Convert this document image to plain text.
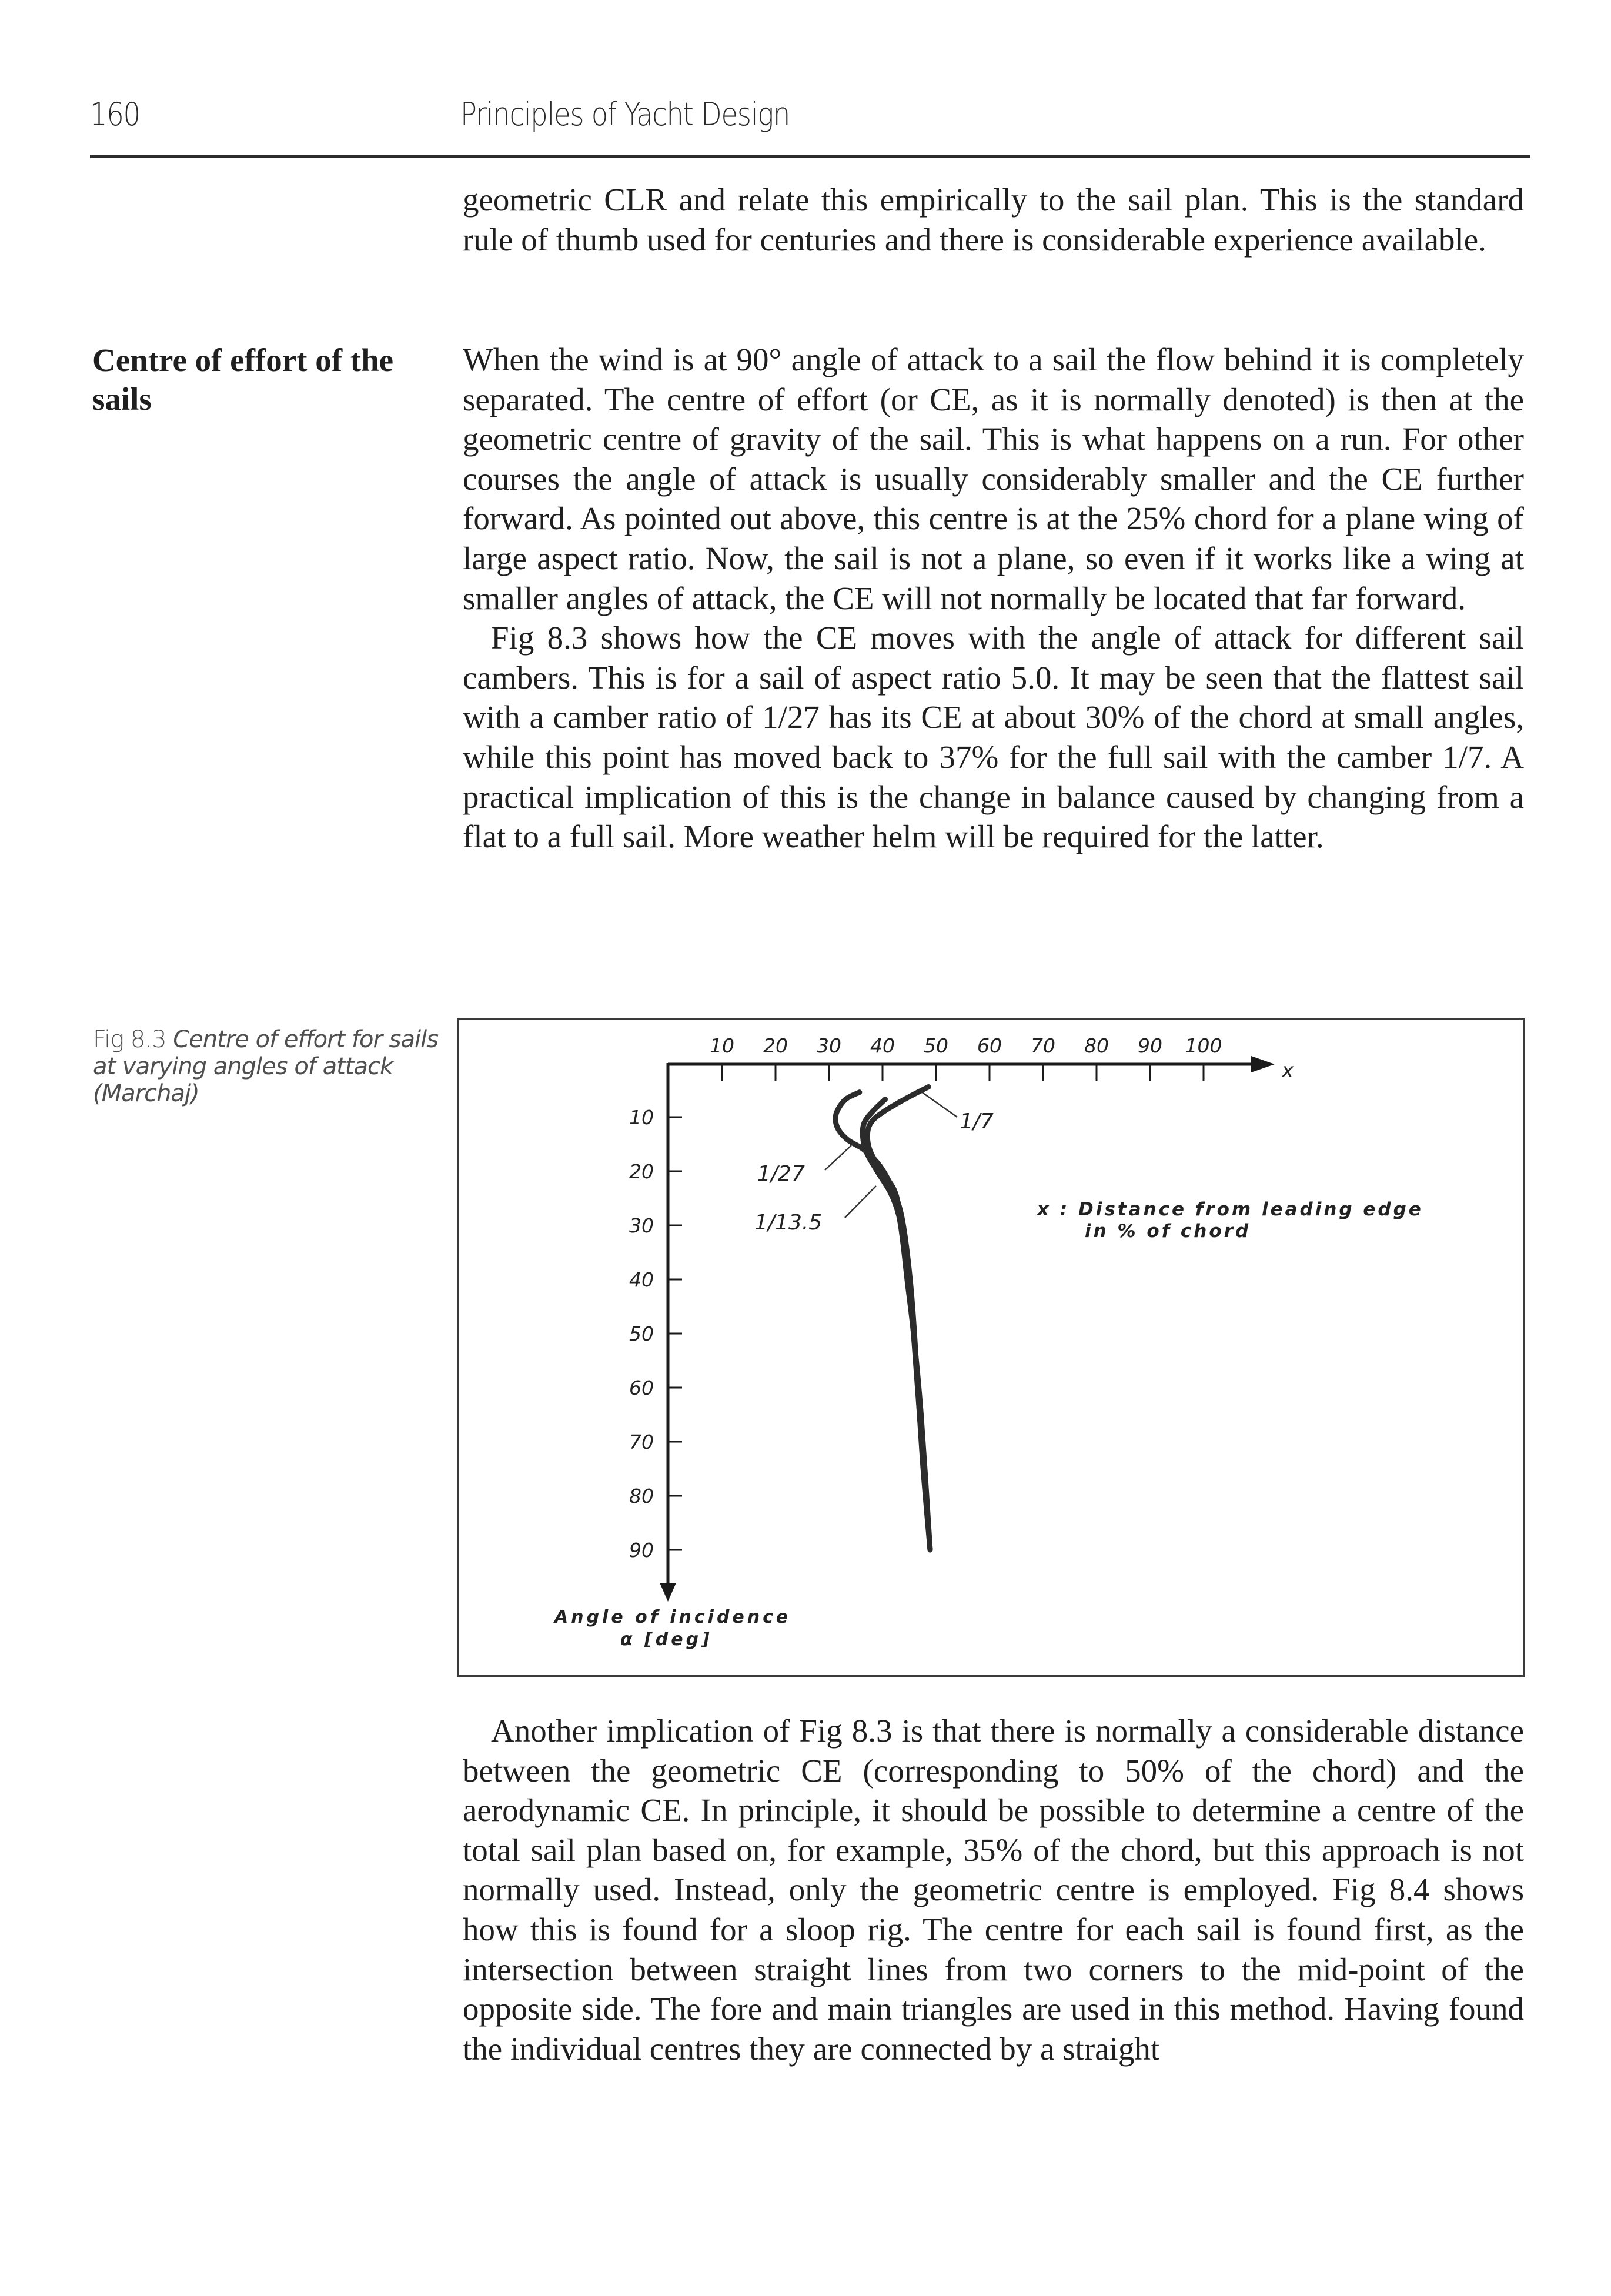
160	Principles of Yacht Design

geometric CLR and relate this empirically to the sail plan. This is the standard rule of thumb used for centuries and there is considerable experience available.

Centre of effort of the sails

When the wind is at 90° angle of attack to a sail the flow behind it is completely separated. The centre of effort (or CE, as it is normally denoted) is then at the geometric centre of gravity of the sail. This is what happens on a run. For other courses the angle of attack is usually considerably smaller and the CE further forward. As pointed out above, this centre is at the 25% chord for a plane wing of large aspect ratio. Now, the sail is not a plane, so even if it works like a wing at smaller angles of attack, the CE will not normally be located that far forward.

Fig 8.3 shows how the CE moves with the angle of attack for different sail cambers. This is for a sail of aspect ratio 5.0. It may be seen that the flattest sail with a camber ratio of 1/27 has its CE at about 30% of the chord at small angles, while this point has moved back to 37% for the full sail with the camber 1/7. A practical implication of this is the change in balance caused by changing from a flat to a full sail. More weather helm will be required for the latter.

Fig 8.3 Centre of effort for sails at varying angles of attack (Marchaj)
10 20 30 40 50 60 70 80 90 100
10
20
30
40
50
60
70
80
90
x
1/27
1/13.5
1/7
x : Distance from leading edge
in % of chord
Angle of incidence
α [deg]

Another implication of Fig 8.3 is that there is normally a considerable distance between the geometric CE (corresponding to 50% of the chord) and the aerodynamic CE. In principle, it should be possible to determine a centre of the total sail plan based on, for example, 35% of the chord, but this approach is not normally used. Instead, only the geometric centre is employed. Fig 8.4 shows how this is found for a sloop rig. The centre for each sail is found first, as the intersection between straight lines from two corners to the mid-point of the opposite side. The fore and main triangles are used in this method. Having found the individual centres they are connected by a straight
